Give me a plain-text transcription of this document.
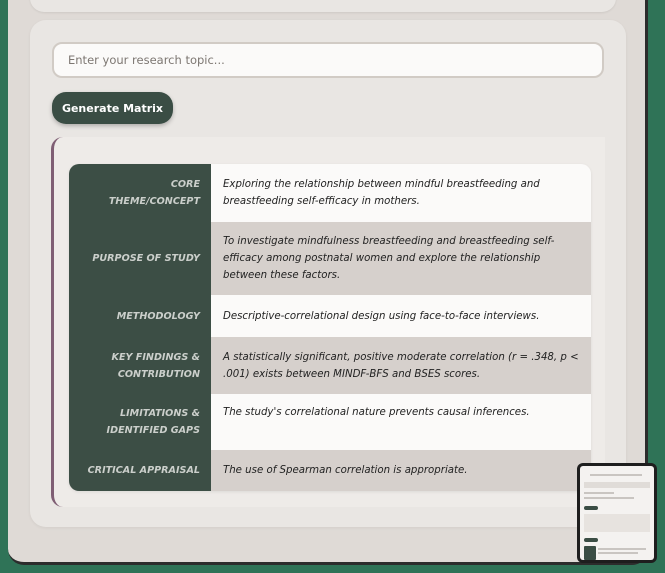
Enter your research topic...
Generate Matrix
CORE THEME/CONCEPT
Exploring the relationship between mindful breastfeeding and breastfeeding self-efficacy in mothers.
PURPOSE OF STUDY
To investigate mindfulness breastfeeding and breastfeeding self-efficacy among postnatal women and explore the relationship between these factors.
METHODOLOGY	Descriptive-correlational design using face-to-face interviews.
KEY FINDINGS & CONTRIBUTION
A statistically significant, positive moderate correlation (r = .348, p < .001) exists between MINDF-BFS and BSES scores.
LIMITATIONS & IDENTIFIED GAPS
The study's correlational nature prevents causal inferences.
CRITICAL APPRAISAL	The use of Spearman correlation is appropriate.
